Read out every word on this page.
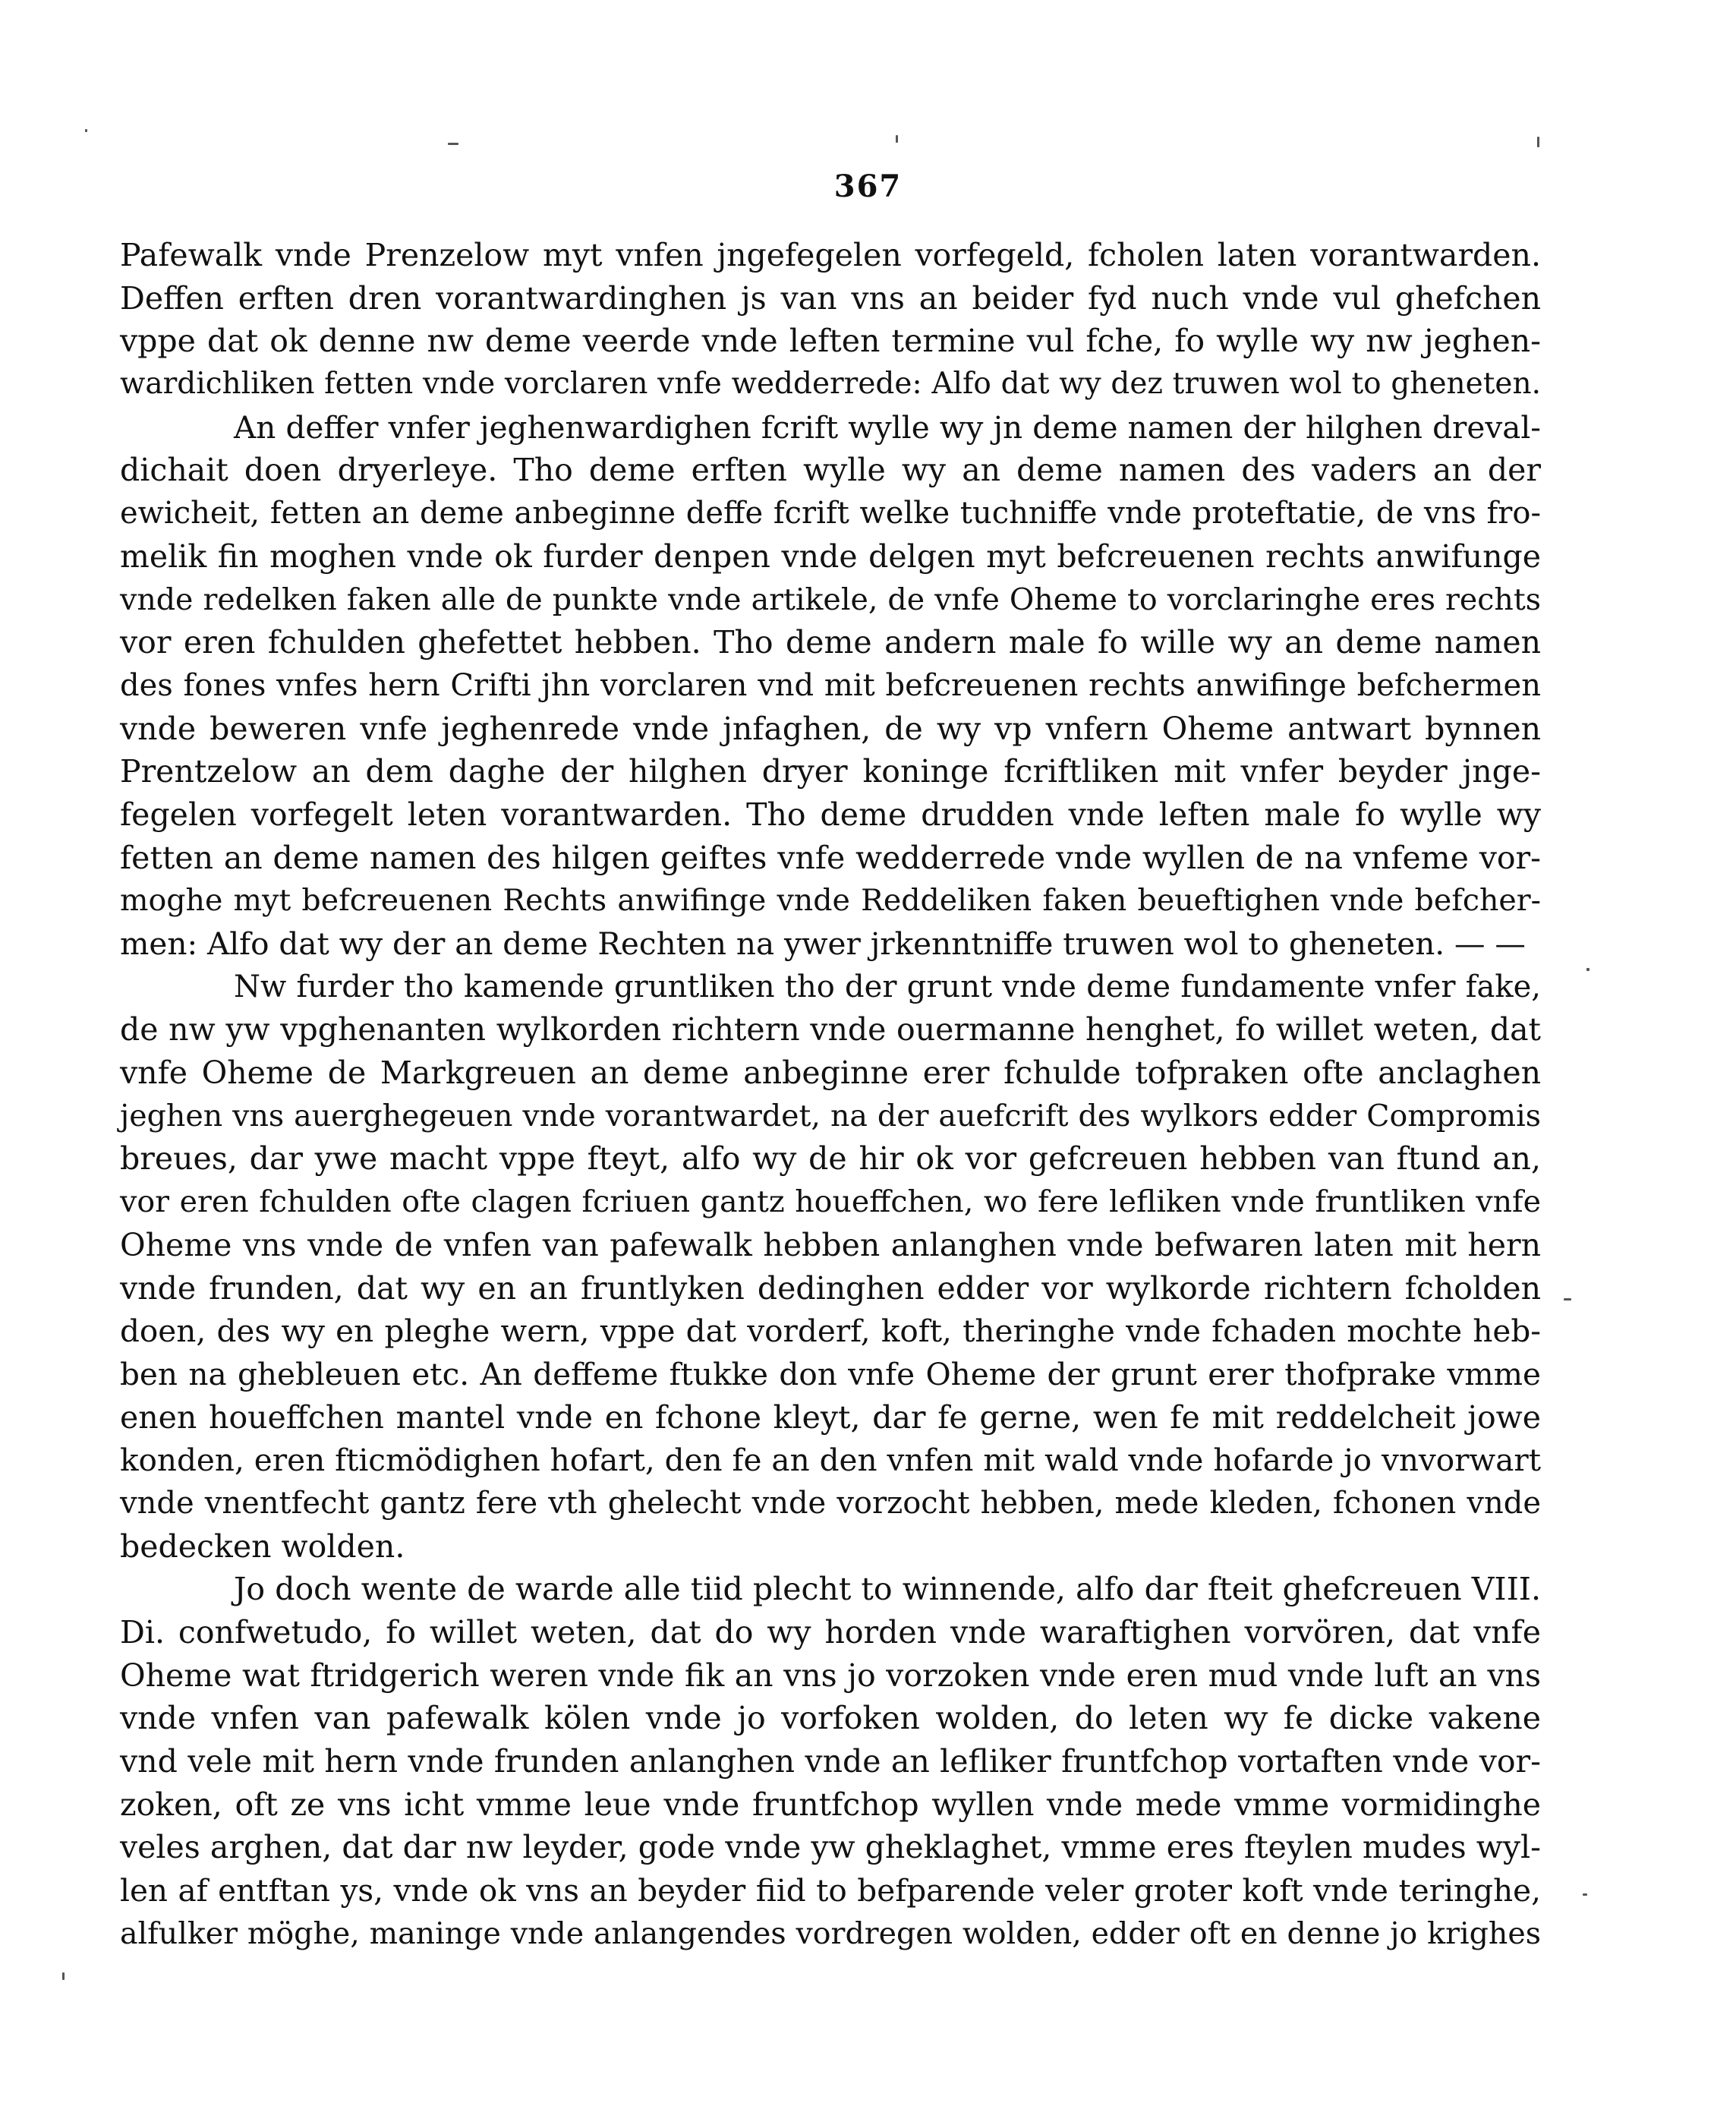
367
Pafewalk vnde Prenzelow myt vnfen jngefegelen vorfegeld, fcholen laten vorantwarden.
Deffen erften dren vorantwardinghen js van vns an beider fyd nuch vnde vul ghefchen
vppe dat ok denne nw deme veerde vnde leften termine vul fche, fo wylle wy nw jeghen-
wardichliken fetten vnde vorclaren vnfe wedderrede: Alfo dat wy dez truwen wol to gheneten.
An deffer vnfer jeghenwardighen fcrift wylle wy jn deme namen der hilghen dreval-
dichait doen dryerleye. Tho deme erften wylle wy an deme namen des vaders an der
ewicheit, fetten an deme anbeginne deffe fcrift welke tuchniffe vnde proteftatie, de vns fro-
melik fin moghen vnde ok furder denpen vnde delgen myt befcreuenen rechts anwifunge
vnde redelken faken alle de punkte vnde artikele, de vnfe Oheme to vorclaringhe eres rechts
vor eren fchulden ghefettet hebben. Tho deme andern male fo wille wy an deme namen
des fones vnfes hern Crifti jhn vorclaren vnd mit befcreuenen rechts anwifinge befchermen
vnde beweren vnfe jeghenrede vnde jnfaghen, de wy vp vnfern Oheme antwart bynnen
Prentzelow an dem daghe der hilghen dryer koninge fcriftliken mit vnfer beyder jnge-
fegelen vorfegelt leten vorantwarden. Tho deme drudden vnde leften male fo wylle wy
fetten an deme namen des hilgen geiftes vnfe wedderrede vnde wyllen de na vnfeme vor-
moghe myt befcreuenen Rechts anwifinge vnde Reddeliken faken beueftighen vnde befcher-
men: Alfo dat wy der an deme Rechten na ywer jrkenntniffe truwen wol to gheneten. — —
Nw furder tho kamende gruntliken tho der grunt vnde deme fundamente vnfer fake,
de nw yw vpghenanten wylkorden richtern vnde ouermanne henghet, fo willet weten, dat
vnfe Oheme de Markgreuen an deme anbeginne erer fchulde tofpraken ofte anclaghen
jeghen vns auerghegeuen vnde vorantwardet, na der auefcrift des wylkors edder Compromis
breues, dar ywe macht vppe fteyt, alfo wy de hir ok vor gefcreuen hebben van ftund an,
vor eren fchulden ofte clagen fcriuen gantz houeffchen, wo fere lefliken vnde fruntliken vnfe
Oheme vns vnde de vnfen van pafewalk hebben anlanghen vnde befwaren laten mit hern
vnde frunden, dat wy en an fruntlyken dedinghen edder vor wylkorde richtern fcholden
doen, des wy en pleghe wern, vppe dat vorderf, koft, theringhe vnde fchaden mochte heb-
ben na ghebleuen etc. An deffeme ftukke don vnfe Oheme der grunt erer thofprake vmme
enen houeffchen mantel vnde en fchone kleyt, dar fe gerne, wen fe mit reddelcheit jowe
konden, eren fticmödighen hofart, den fe an den vnfen mit wald vnde hofarde jo vnvorwart
vnde vnentfecht gantz fere vth ghelecht vnde vorzocht hebben, mede kleden, fchonen vnde
bedecken wolden.
Jo doch wente de warde alle tiid plecht to winnende, alfo dar fteit ghefcreuen VIII.
Di. confwetudo, fo willet weten, dat do wy horden vnde waraftighen vorvören, dat vnfe
Oheme wat ftridgerich weren vnde fik an vns jo vorzoken vnde eren mud vnde luft an vns
vnde vnfen van pafewalk kölen vnde jo vorfoken wolden, do leten wy fe dicke vakene
vnd vele mit hern vnde frunden anlanghen vnde an lefliker fruntfchop vortaften vnde vor-
zoken, oft ze vns icht vmme leue vnde fruntfchop wyllen vnde mede vmme vormidinghe
veles arghen, dat dar nw leyder, gode vnde yw gheklaghet, vmme eres fteylen mudes wyl-
len af entftan ys, vnde ok vns an beyder fiid to befparende veler groter koft vnde teringhe,
alfulker möghe, maninge vnde anlangendes vordregen wolden, edder oft en denne jo krighes
